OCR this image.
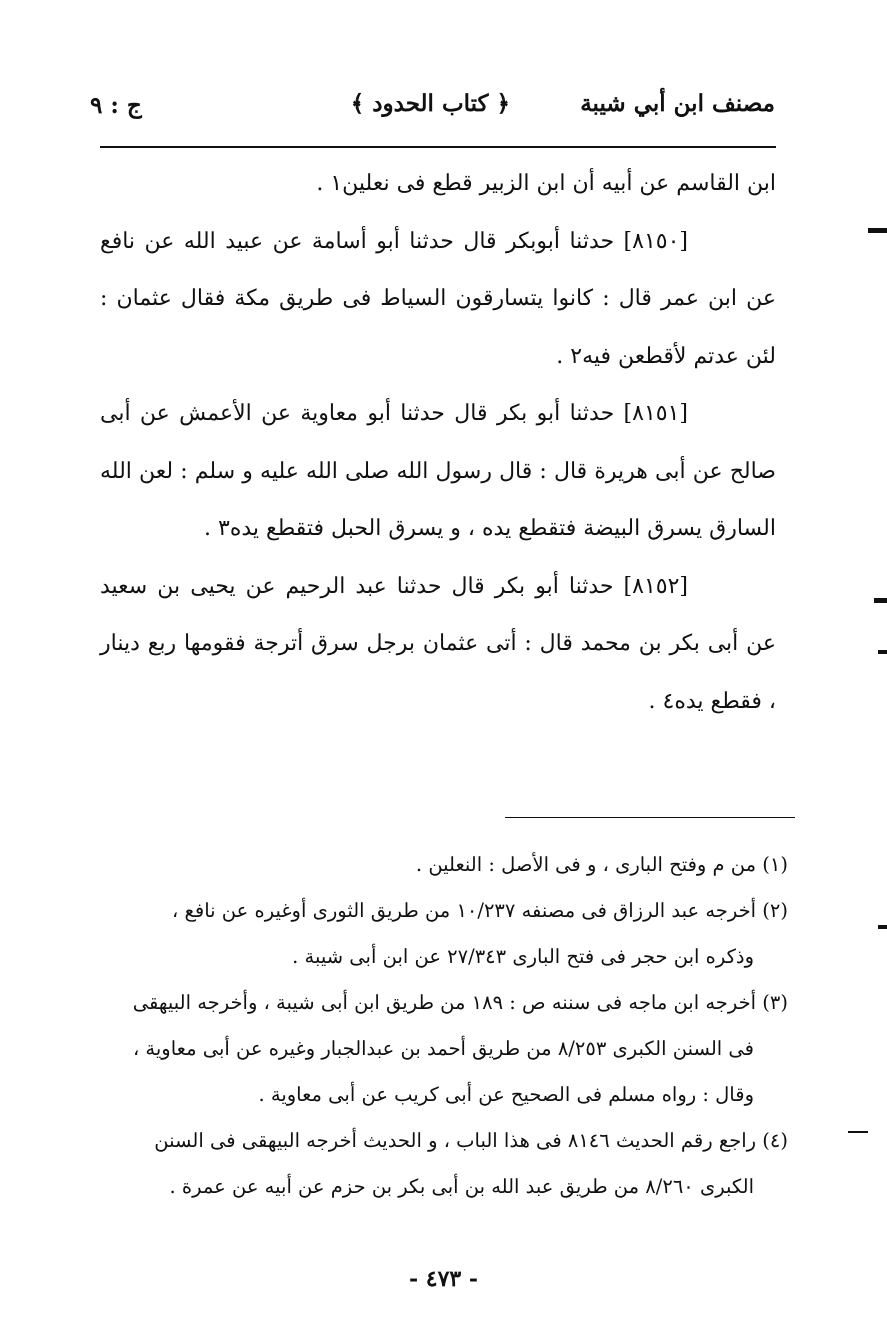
مصنف ابن أبي شيبة
﴿ كتاب الحدود ﴾
ج : ٩

ابن القاسم عن أبيه أن ابن الزبير قطع فى نعلين١ .

[٨١٥٠] حدثنا أبوبكر قال حدثنا أبو أسامة عن عبيد الله عن نافع عن ابن عمر قال : كانوا يتسارقون السياط فى طريق مكة فقال عثمان : لئن عدتم لأقطعن فيه٢ .

[٨١٥١] حدثنا أبو بكر قال حدثنا أبو معاوية عن الأعمش عن أبى صالح عن أبى هريرة قال : قال رسول الله صلى الله عليه و سلم : لعن الله السارق يسرق البيضة فتقطع يده ، و يسرق الحبل فتقطع يده٣ .

[٨١٥٢] حدثنا أبو بكر قال حدثنا عبد الرحيم عن يحيى بن سعيد عن أبى بكر بن محمد قال : أتى عثمان برجل سرق أترجة فقومها ربع دينار ، فقطع يده٤ .

(١) من م وفتح البارى ، و فى الأصل : النعلين .

(٢) أخرجه عبد الرزاق فى مصنفه ١٠/٢٣٧ من طريق الثورى أوغيره عن نافع ، وذكره ابن حجر فى فتح البارى ٢٧/٣٤٣ عن ابن أبى شيبة .

(٣) أخرجه ابن ماجه فى سننه ص : ١٨٩ من طريق ابن أبى شيبة ، وأخرجه البيهقى فى السنن الكبرى ٨/٢٥٣ من طريق أحمد بن عبدالجبار وغيره عن أبى معاوية ، وقال : رواه مسلم فى الصحيح عن أبى كريب عن أبى معاوية .

(٤) راجع رقم الحديث ٨١٤٦ فى هذا الباب ، و الحديث أخرجه البيهقى فى السنن الكبرى ٨/٢٦٠ من طريق عبد الله بن أبى بكر بن حزم عن أبيه عن عمرة .

- ٤٧٣ -
